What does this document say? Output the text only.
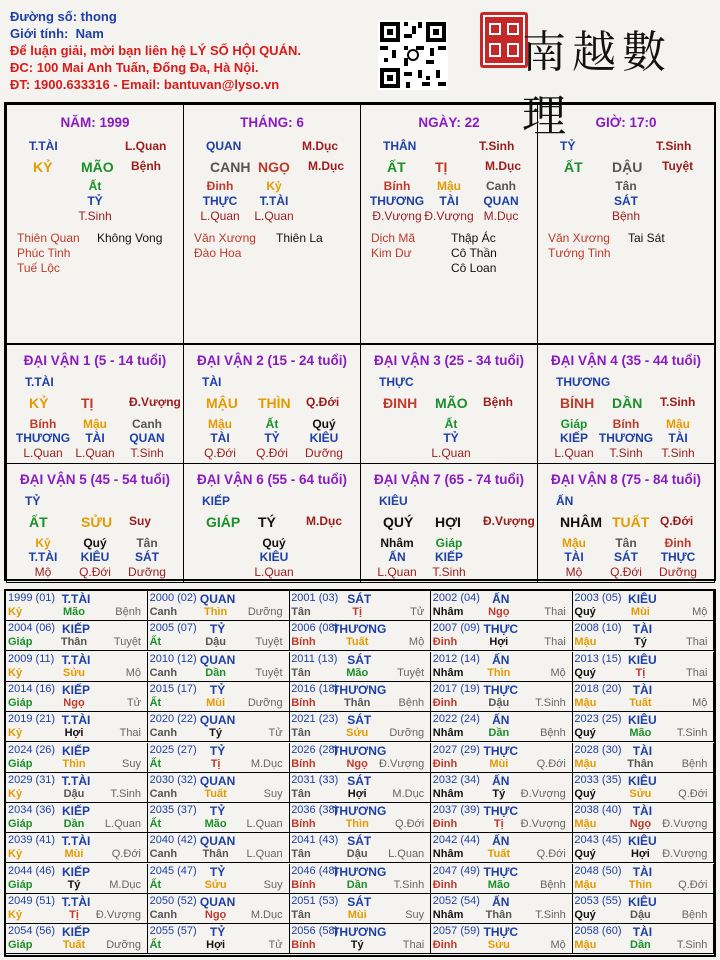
Đường số: thong
Giới tính: Nam
Để luận giải, mời bạn liên hệ LÝ SỐ HỘI QUÁN.
ĐC: 100 Mai Anh Tuấn, Đống Đa, Hà Nội.
ĐT: 1900.633316 - Email: bantuvan@lyso.vn
南越數理
NĂM: 1999
T.TÀI	L.Quan
KỶ MÃO Bệnh
Ất
TỶ
T.Sinh
Thiên Quan
Phúc Tinh
Tuế Lộc
Không Vong
THÁNG: 6
QUAN	M.Dục
CANH NGỌ M.Dục
Đinh
THỰC
L.Quan
Kỷ
T.TÀI
L.Quan
Văn Xương
Đào Hoa
Thiên La
NGÀY: 22
THÂN	T.Sinh
ẤT TỊ	M.Dục
Bính
THƯƠNG
Đ.Vượng
Mậu
TÀI
Đ.Vượng
Canh
QUAN
M.Dục
Dịch Mã
Kim Dư
Thập Ác
Cô Thần
Cô Loan
GIỜ: 17:0
TỶ	T.Sinh
ẤT DẬU Tuyệt
Tân
SÁT
Bệnh
Văn Xương
Tướng Tinh
Tai Sát
ĐẠI VẬN 1 (5 - 14 tuổi)
T.TÀI
KỶ TỊ	Đ.Vượng
Bính
THƯƠNG
L.Quan
Mậu
TÀI
L.Quan
Canh
QUAN
T.Sinh
ĐẠI VẬN 2 (15 - 24 tuổi)
TÀI
MẬU THÌN Q.Đới
Mậu
TÀI
Q.Đới
Ất
TỶ
Q.Đới
Quý
KIÊU
Dưỡng
ĐẠI VẬN 3 (25 - 34 tuổi)
THỰC
ĐINH MÃO Bệnh
Ất
TỶ
L.Quan
ĐẠI VẬN 4 (35 - 44 tuổi)
THƯƠNG
BÍNH DẦN T.Sinh
Giáp
KIẾP
L.Quan
Bính
THƯƠNG
T.Sinh
Mậu
TÀI
T.Sinh
ĐẠI VẬN 5 (45 - 54 tuổi)
TỶ
ẤT SỬU Suy
Kỷ
T.TÀI
Mộ
Quý
KIÊU
Q.Đới
Tân
SÁT
Dưỡng
ĐẠI VẬN 6 (55 - 64 tuổi)
KIẾP
GIÁP TÝ	M.Dục
Quý
KIÊU
L.Quan
ĐẠI VẬN 7 (65 - 74 tuổi)
KIÊU
QUÝ HỢI Đ.Vượng
Nhâm
ẤN
L.Quan
Giáp
KIẾP
T.Sinh
ĐẠI VẬN 8 (75 - 84 tuổi)
ẤN
NHÂM TUẤT Q.Đới
Mậu
TÀI
Mộ
Tân
SÁT
Q.Đới
Đinh
THỰC
Dưỡng
1999 (01) T.TÀI
Kỷ	Mão	Bệnh
2000 (02) QUAN
Canh Thìn Dưỡng
2001 (03) SÁT
Tân	Tị	Tử
2002 (04) ẤN
Nhâm Ngọ	Thai
2003 (05) KIÊU
Quý	Mùi	Mộ
2004 (06) KIẾP
Giáp	Thân Tuyệt
2005 (07) TỶ
Ất	Dậu	Tuyệt
2006 (08)
THƯƠNG
Bính	Tuất	Mộ
2007 (09) THỰC
Đinh	Hợi	Thai
2008 (10) TÀI
Mậu	Tý	Thai
2009 (11) T.TÀI
Kỷ	Sửu	Mộ
2010 (12) QUAN
Canh	Dần	Tuyệt
2011 (13) SÁT
Tân	Mão	Tuyệt
2012 (14) ẤN
Nhâm Thìn	Mộ
2013 (15) KIÊU
Quý	Tị	Thai
2014 (16) KIẾP
Giáp	Ngọ	Tử
2015 (17) TỶ
Ất	Mùi Dưỡng
2016 (18)
THƯƠNG
Bính	Thân	Bệnh
2017 (19) THỰC
Đinh	Dậu T.Sinh
2018 (20) TÀI
Mậu	Tuất	Mộ
2019 (21) T.TÀI
Kỷ	Hợi	Thai
2020 (22) QUAN
Canh	Tý	Tử
2021 (23) SÁT
Tân	Sửu Dưỡng
2022 (24) ẤN
Nhâm Dần	Bệnh
2023 (25) KIÊU
Quý	Mão T.Sinh
2024 (26) KIẾP
Giáp	Thìn	Suy
2025 (27) TỶ
Ất	Tị	M.Dục
2026 (28)
THƯƠNG
Bính	Ngọ Đ.Vượng
2027 (29) THỰC
Đinh	Mùi	Q.Đới
2028 (30) TÀI
Mậu	Thân	Bệnh
2029 (31) T.TÀI
Kỷ	Dậu T.Sinh
2030 (32) QUAN
Canh Tuất	Suy
2031 (33) SÁT
Tân	Hợi M.Dục
2032 (34) ẤN
Nhâm	Tý Đ.Vượng
2033 (35) KIÊU
Quý	Sửu Q.Đới
2034 (36) KIẾP
Giáp	Dần L.Quan
2035 (37) TỶ
Ất	Mão L.Quan
2036 (38)
THƯƠNG
Bính	Thìn Q.Đới
2037 (39) THỰC
Đinh	Tị Đ.Vượng
2038 (40) TÀI
Mậu	Ngọ Đ.Vượng
2039 (41) T.TÀI
Kỷ	Mùi	Q.Đới
2040 (42) QUAN
Canh Thân L.Quan
2041 (43) SÁT
Tân	Dậu L.Quan
2042 (44) ẤN
Nhâm Tuất Q.Đới
2043 (45) KIÊU
Quý	Hợi Đ.Vượng
2044 (46) KIẾP
Giáp	Tý	M.Dục
2045 (47) TỶ
Ất	Sửu	Suy
2046 (48)
THƯƠNG
Bính	Dần T.Sinh
2047 (49) THỰC
Đinh	Mão	Bệnh
2048 (50) TÀI
Mậu	Thìn Q.Đới
2049 (51) T.TÀI
Kỷ	Tị Đ.Vượng
2050 (52) QUAN
Canh	Ngọ M.Dục
2051 (53) SÁT
Tân	Mùi	Suy
2052 (54) ẤN
Nhâm Thân T.Sinh
2053 (55) KIÊU
Quý	Dậu	Bệnh
2054 (56) KIẾP
Giáp	Tuất Dưỡng
2055 (57) TỶ
Ất	Hợi	Tử
2056 (58)
THƯƠNG
Bính	Tý	Thai
2057 (59) THỰC
Đinh	Sửu	Mộ
2058 (60) TÀI
Mậu	Dần T.Sinh
